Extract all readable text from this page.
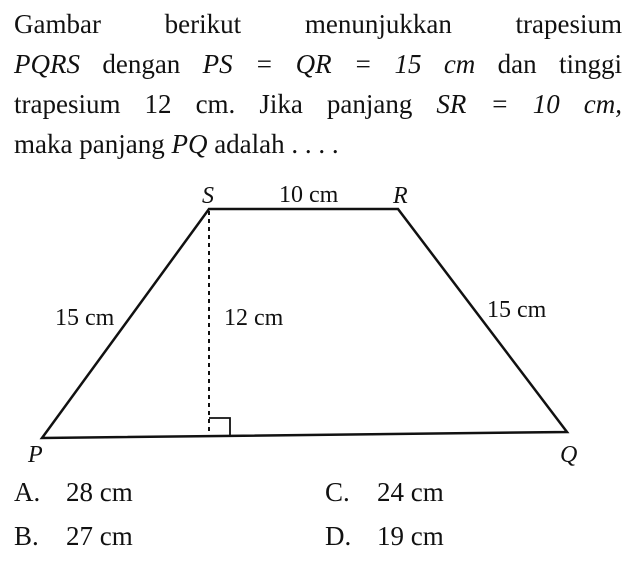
Gambar berikut menunjukkan trapesium
PQRS dengan PS = QR = 15 cm dan tinggi
trapesium 12 cm. Jika panjang SR = 10 cm,
maka panjang PQ adalah . . . .
S	R
P	Q
10 cm
15 cm	15 cm
12 cm
A. 28 cm
B. 27 cm
C. 24 cm
D. 19 cm
